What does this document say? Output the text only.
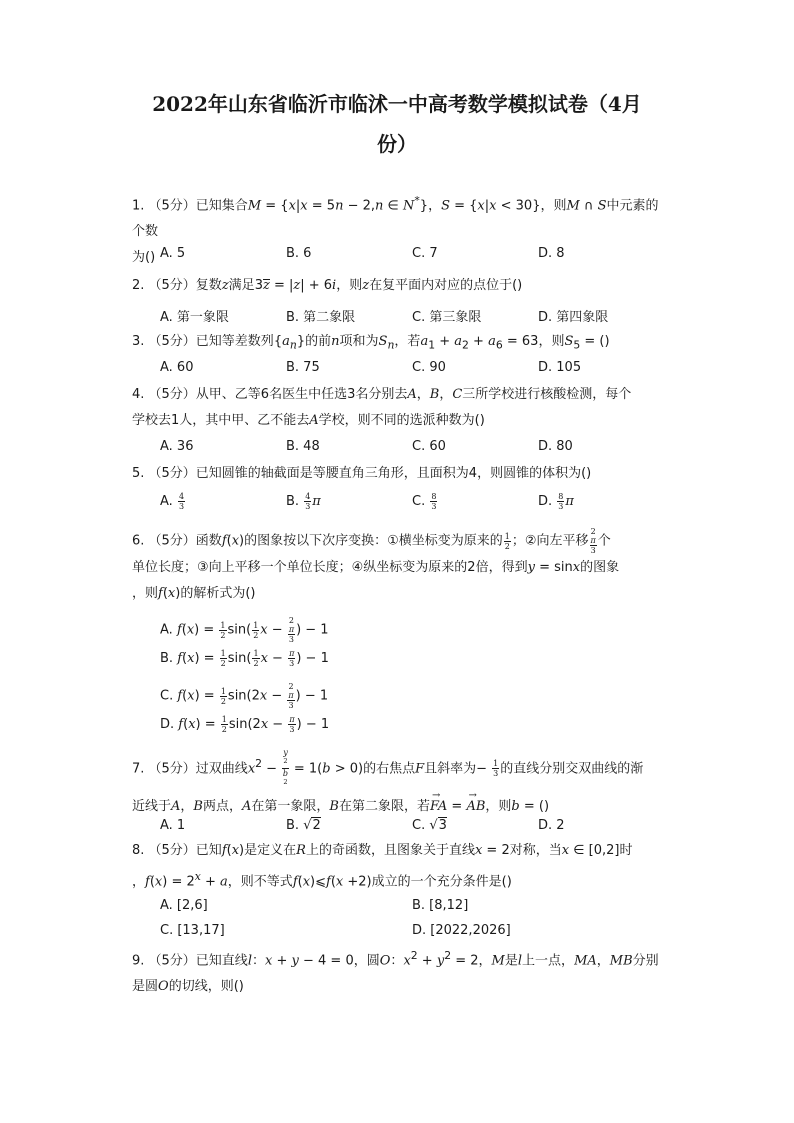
2022年山东省临沂市临沭一中高考数学模拟试卷（4月
份）
1. （5分）已知集合M = {x|x = 5n − 2,n ∈ N*}，S = {x|x < 30}，则M ∩ S中元素的个数
为() A. 5	B. 6	C. 7	D. 8
2. （5分）复数z满足3z = |z| + 6i，则z在复平面内对应的点位于()
A. 第一象限	B. 第二象限	C. 第三象限	D. 第四象限
3. （5分）已知等差数列$\{a_n\}$的前n项和为$S_n$，若$a_1 + a_2 + a_6 = 63$，则$S_5$ = ()
A. 60	B. 75	C. 90	D. 105
4. （5分）从甲、乙等6名医生中任选3名分别去A，B，C三所学校进行核酸检测，每个
学校去1人，其中甲、乙不能去A学校，则不同的选派种数为()
A. 36	B. 48	C. 60	D. 80
5. （5分）已知圆锥的轴截面是等腰直角三角形，且面积为4，则圆锥的体积为()
A. $\frac{4}{3}$	B. $\frac{4}{3}$ π	C. $\frac{8}{3}$	D. $\frac{8}{3}$ π
6. （5分）函数f(x)的图象按以下次序变换：①横坐标变为原来的 $\frac{1}{2}$ ；②向左平移 2
π
3 个
单位长度；③向上平移一个单位长度；④纵坐标变为原来的2倍，得到y = sinx的图象
，则f(x)的解析式为()
A. $f(x) = \frac{1}{2} \sin( \frac{1}{2}$ x − 2
π
3 ) − 1
B. $f(x) = \frac{1}{2} \sin( \frac{1}{2}$ $x - \frac{\pi}{3}$ ) − 1
C. $f(x) = \frac{1}{2} \sin(2x - 2$
π
3 ) − 1
D. $f(x) = \frac{1}{2} \sin(2x - \frac{\pi}{3}$ ) − 1
7. （5分）过双曲线$x^2 - y$
$^2$
b
$^2$ = 1(b > 0)的右焦点F且斜率为− $\frac{1}{3}$ 的直线分别交双曲线的渐
近线于A，B两点，A在第一象限，B在第二象限，若→ FA = → AB，则b = ()
A. 1	B. √2	C. √3	D. 2
8. （5分）已知f(x)是定义在R上的奇函数，且图象关于直线x = 2对称，当x ∈ [0,2]时
，$f(x) = 2^x + a$，则不等式f(x)⩽f(x +2)成立的一个充分条件是()
A. [2,6]	B. [8,12]
C. [13,17]	D. [2022,2026]
9. （5分）已知直线l：x + y − 4 = 0，圆O：$x^2 + y^2 = 2$，M是l上一点，MA，MB分别
是圆O的切线，则()
